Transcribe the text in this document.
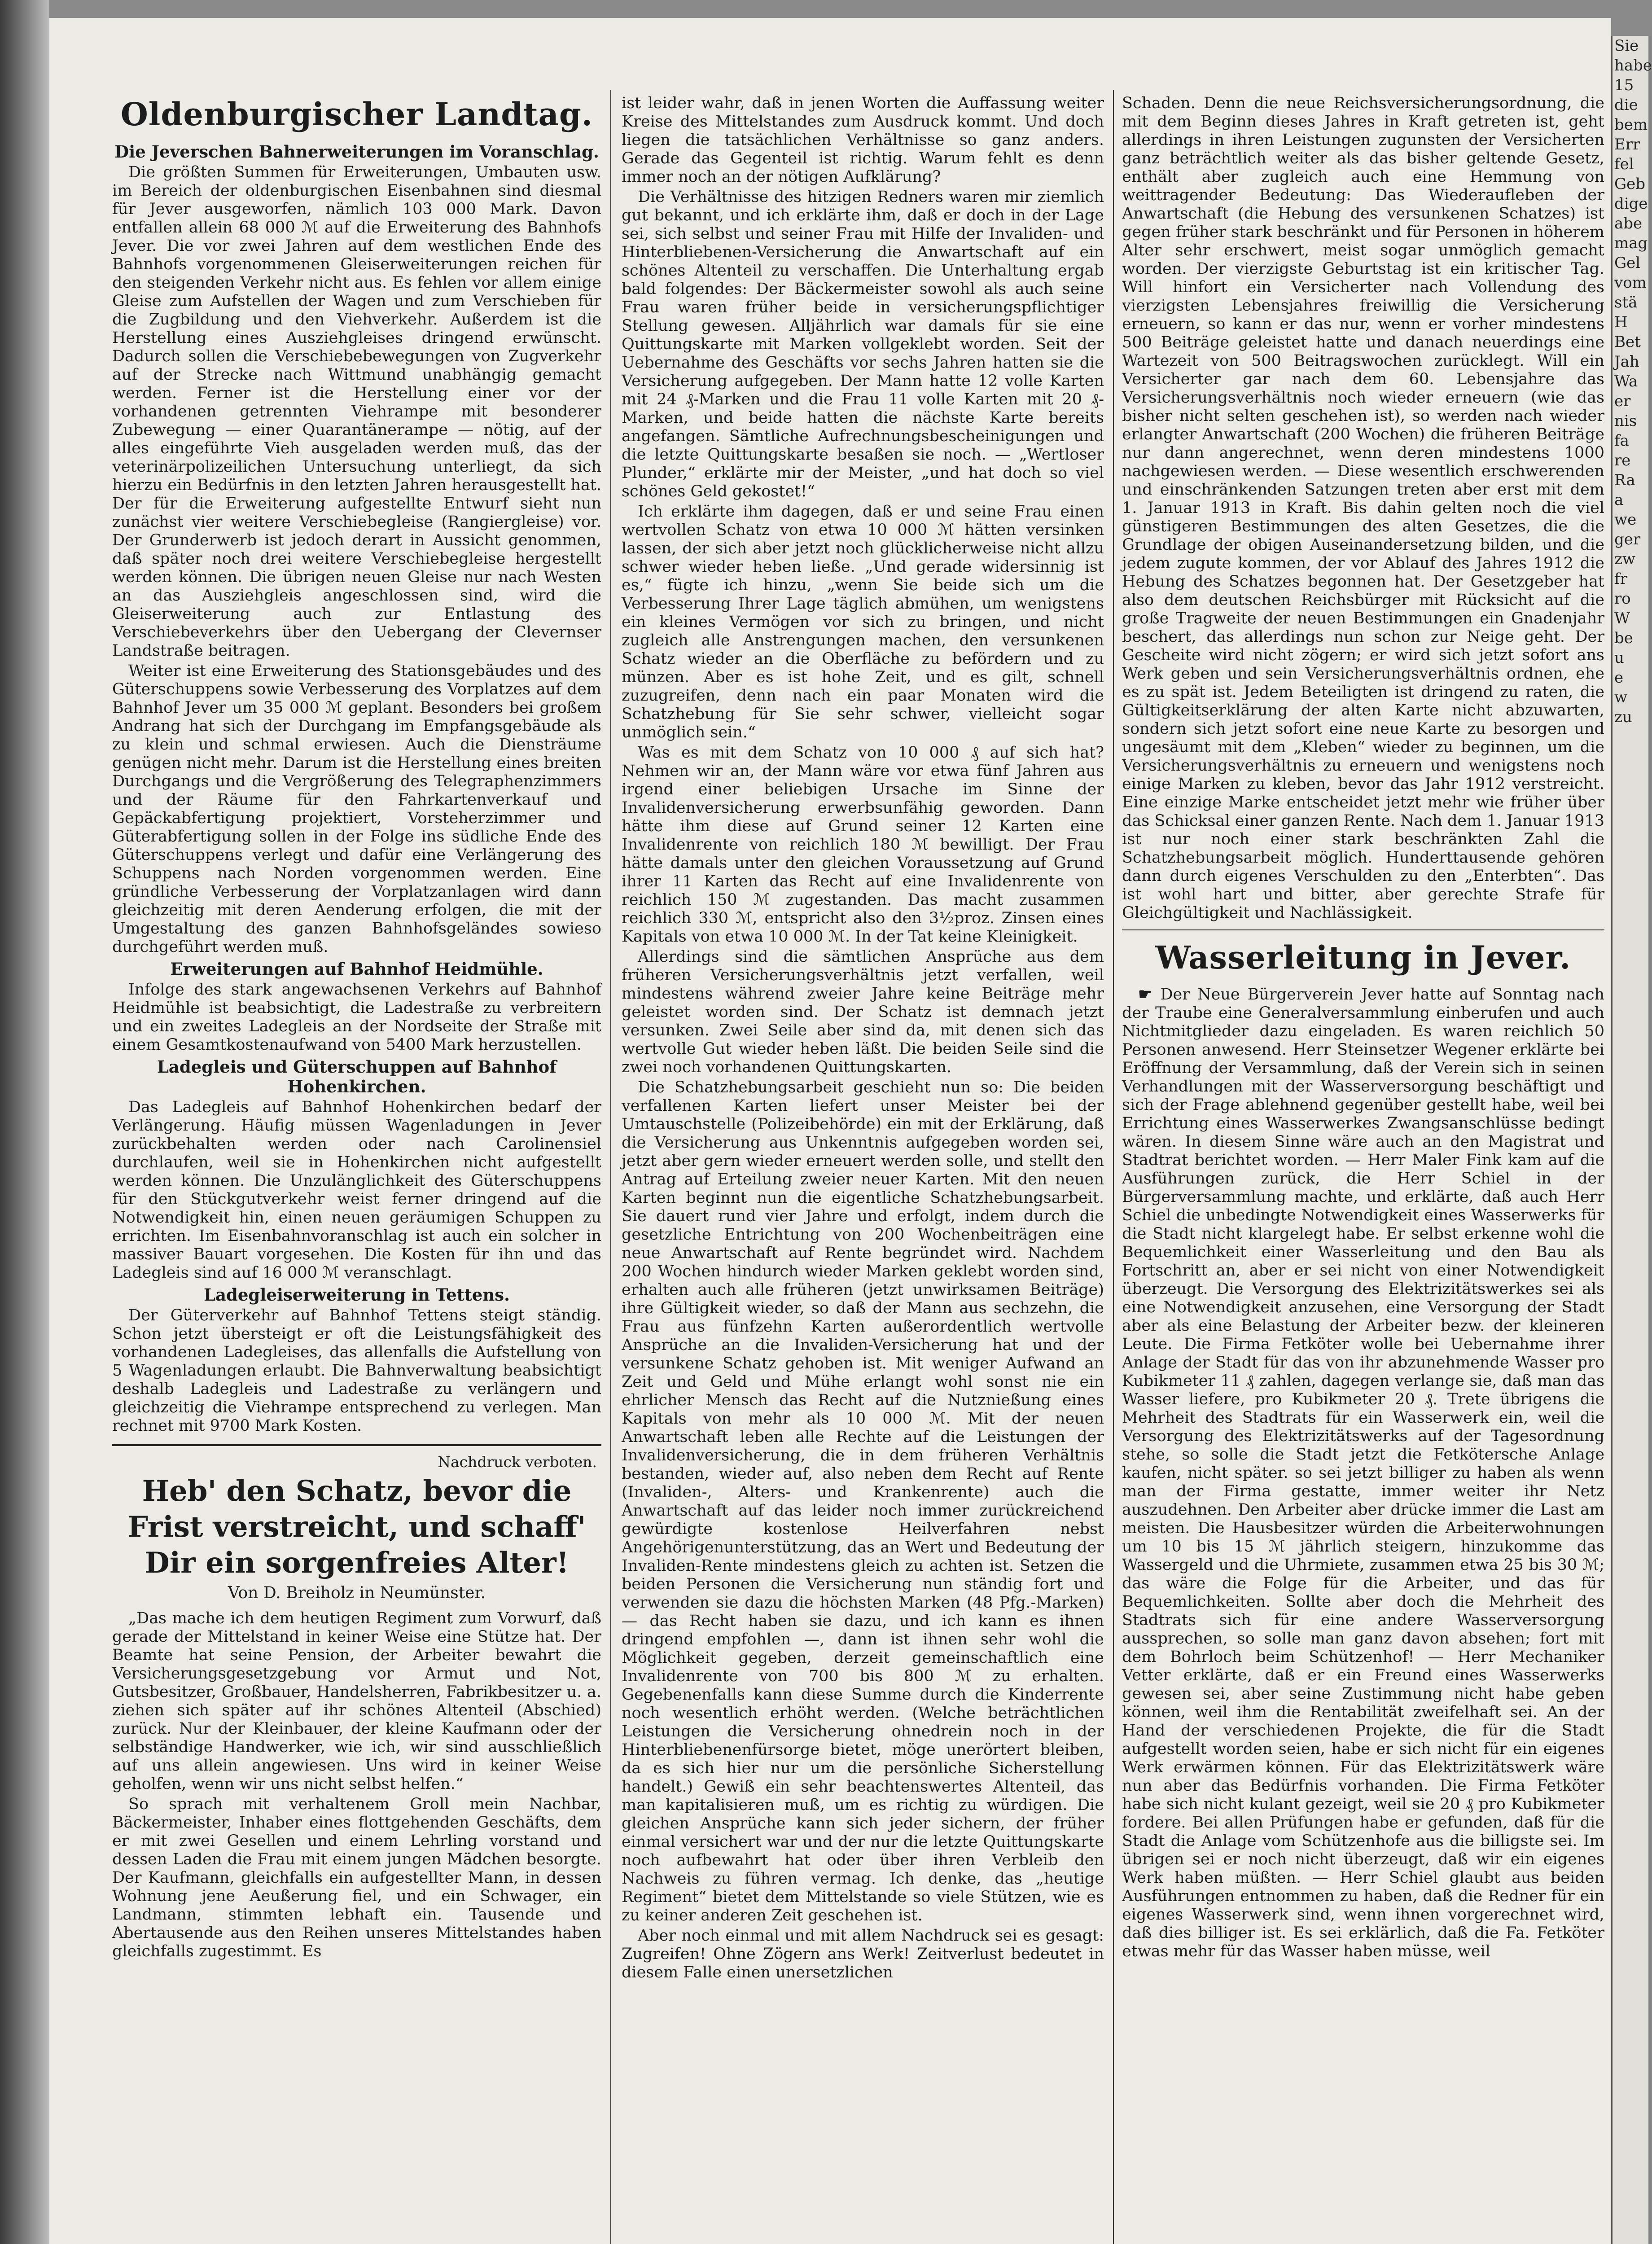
Oldenburgischer Landtag.
Die Jeverschen Bahnerweiterungen im Voranschlag.

Die größten Summen für Erweiterungen, Umbauten usw. im Bereich der oldenburgischen Eisenbahnen sind diesmal für Jever ausgeworfen, nämlich 103 000 Mark. Davon entfallen allein 68 000 ℳ auf die Erweiterung des Bahnhofs Jever. Die vor zwei Jahren auf dem westlichen Ende des Bahnhofs vorgenommenen Gleiserweiterungen reichen für den steigenden Verkehr nicht aus. Es fehlen vor allem einige Gleise zum Aufstellen der Wagen und zum Verschieben für die Zugbildung und den Viehverkehr. Außerdem ist die Herstellung eines Ausziehgleises dringend erwünscht. Dadurch sollen die Verschiebebewegungen von Zugverkehr auf der Strecke nach Wittmund unabhängig gemacht werden. Ferner ist die Herstellung einer vor der vorhandenen getrennten Viehrampe mit besonderer Zubewegung — einer Quarantänerampe — nötig, auf der alles eingeführte Vieh ausgeladen werden muß, das der veterinärpolizeilichen Untersuchung unterliegt, da sich hierzu ein Bedürfnis in den letzten Jahren herausgestellt hat. Der für die Erweiterung aufgestellte Entwurf sieht nun zunächst vier weitere Verschiebegleise (Rangiergleise) vor. Der Grunderwerb ist jedoch derart in Aussicht genommen, daß später noch drei weitere Verschiebegleise hergestellt werden können. Die übrigen neuen Gleise nur nach Westen an das Ausziehgleis angeschlossen sind, wird die Gleiserweiterung auch zur Entlastung des Verschiebeverkehrs über den Uebergang der Clevernser Landstraße beitragen.

Weiter ist eine Erweiterung des Stationsgebäudes und des Güterschuppens sowie Verbesserung des Vorplatzes auf dem Bahnhof Jever um 35 000 ℳ geplant. Besonders bei großem Andrang hat sich der Durchgang im Empfangsgebäude als zu klein und schmal erwiesen. Auch die Diensträume genügen nicht mehr. Darum ist die Herstellung eines breiten Durchgangs und die Vergrößerung des Telegraphenzimmers und der Räume für den Fahrkartenverkauf und Gepäckabfertigung projektiert, Vorsteherzimmer und Güterabfertigung sollen in der Folge ins südliche Ende des Güterschuppens verlegt und dafür eine Verlängerung des Schuppens nach Norden vorgenommen werden. Eine gründliche Verbesserung der Vorplatzanlagen wird dann gleichzeitig mit deren Aenderung erfolgen, die mit der Umgestaltung des ganzen Bahnhofsgeländes sowieso durchgeführt werden muß.

Erweiterungen auf Bahnhof Heidmühle.

Infolge des stark angewachsenen Verkehrs auf Bahnhof Heidmühle ist beabsichtigt, die Ladestraße zu verbreitern und ein zweites Ladegleis an der Nordseite der Straße mit einem Gesamtkostenaufwand von 5400 Mark herzustellen.

Ladegleis und Güterschuppen auf Bahnhof Hohenkirchen.

Das Ladegleis auf Bahnhof Hohenkirchen bedarf der Verlängerung. Häufig müssen Wagenladungen in Jever zurückbehalten werden oder nach Carolinensiel durchlaufen, weil sie in Hohenkirchen nicht aufgestellt werden können. Die Unzulänglichkeit des Güterschuppens für den Stückgutverkehr weist ferner dringend auf die Notwendigkeit hin, einen neuen geräumigen Schuppen zu errichten. Im Eisenbahnvoranschlag ist auch ein solcher in massiver Bauart vorgesehen. Die Kosten für ihn und das Ladegleis sind auf 16 000 ℳ veranschlagt.

Ladegleiserweiterung in Tettens.

Der Güterverkehr auf Bahnhof Tettens steigt ständig. Schon jetzt übersteigt er oft die Leistungsfähigkeit des vorhandenen Ladegleises, das allenfalls die Aufstellung von 5 Wagenladungen erlaubt. Die Bahnverwaltung beabsichtigt deshalb Ladegleis und Ladestraße zu verlängern und gleichzeitig die Viehrampe entsprechend zu verlegen. Man rechnet mit 9700 Mark Kosten.

Nachdruck verboten.
Heb' den Schatz, bevor die Frist verstreicht, und schaff' Dir ein sorgenfreies Alter!
Von D. Breiholz in Neumünster.

„Das mache ich dem heutigen Regiment zum Vorwurf, daß gerade der Mittelstand in keiner Weise eine Stütze hat. Der Beamte hat seine Pension, der Arbeiter bewahrt die Versicherungsgesetzgebung vor Armut und Not, Gutsbesitzer, Großbauer, Handelsherren, Fabrikbesitzer u. a. ziehen sich später auf ihr schönes Altenteil (Abschied) zurück. Nur der Kleinbauer, der kleine Kaufmann oder der selbständige Handwerker, wie ich, wir sind ausschließlich auf uns allein angewiesen. Uns wird in keiner Weise geholfen, wenn wir uns nicht selbst helfen.“

So sprach mit verhaltenem Groll mein Nachbar, Bäckermeister, Inhaber eines flottgehenden Geschäfts, dem er mit zwei Gesellen und einem Lehrling vorstand und dessen Laden die Frau mit einem jungen Mädchen besorgte. Der Kaufmann, gleichfalls ein aufgestellter Mann, in dessen Wohnung jene Aeußerung fiel, und ein Schwager, ein Landmann, stimmten lebhaft ein. Tausende und Abertausende aus den Reihen unseres Mittelstandes haben gleichfalls zugestimmt. Es

ist leider wahr, daß in jenen Worten die Auffassung weiter Kreise des Mittelstandes zum Ausdruck kommt. Und doch liegen die tatsächlichen Verhältnisse so ganz anders. Gerade das Gegenteil ist richtig. Warum fehlt es denn immer noch an der nötigen Aufklärung?

Die Verhältnisse des hitzigen Redners waren mir ziemlich gut bekannt, und ich erklärte ihm, daß er doch in der Lage sei, sich selbst und seiner Frau mit Hilfe der Invaliden- und Hinterbliebenen-Versicherung die Anwartschaft auf ein schönes Altenteil zu verschaffen. Die Unterhaltung ergab bald folgendes: Der Bäckermeister sowohl als auch seine Frau waren früher beide in versicherungspflichtiger Stellung gewesen. Alljährlich war damals für sie eine Quittungskarte mit Marken vollgeklebt worden. Seit der Uebernahme des Geschäfts vor sechs Jahren hatten sie die Versicherung aufgegeben. Der Mann hatte 12 volle Karten mit 24 ₰-Marken und die Frau 11 volle Karten mit 20 ₰-Marken, und beide hatten die nächste Karte bereits angefangen. Sämtliche Aufrechnungsbescheinigungen und die letzte Quittungskarte besaßen sie noch. — „Wertloser Plunder,“ erklärte mir der Meister, „und hat doch so viel schönes Geld gekostet!“

Ich erklärte ihm dagegen, daß er und seine Frau einen wertvollen Schatz von etwa 10 000 ℳ hätten versinken lassen, der sich aber jetzt noch glücklicherweise nicht allzu schwer wieder heben ließe. „Und gerade widersinnig ist es,“ fügte ich hinzu, „wenn Sie beide sich um die Verbesserung Ihrer Lage täglich abmühen, um wenigstens ein kleines Vermögen vor sich zu bringen, und nicht zugleich alle Anstrengungen machen, den versunkenen Schatz wieder an die Oberfläche zu befördern und zu münzen. Aber es ist hohe Zeit, und es gilt, schnell zuzugreifen, denn nach ein paar Monaten wird die Schatzhebung für Sie sehr schwer, vielleicht sogar unmöglich sein.“

Was es mit dem Schatz von 10 000 ₰ auf sich hat? Nehmen wir an, der Mann wäre vor etwa fünf Jahren aus irgend einer beliebigen Ursache im Sinne der Invalidenversicherung erwerbsunfähig geworden. Dann hätte ihm diese auf Grund seiner 12 Karten eine Invalidenrente von reichlich 180 ℳ bewilligt. Der Frau hätte damals unter den gleichen Voraussetzung auf Grund ihrer 11 Karten das Recht auf eine Invalidenrente von reichlich 150 ℳ zugestanden. Das macht zusammen reichlich 330 ℳ, entspricht also den 3½proz. Zinsen eines Kapitals von etwa 10 000 ℳ. In der Tat keine Kleinigkeit.

Allerdings sind die sämtlichen Ansprüche aus dem früheren Versicherungsverhältnis jetzt verfallen, weil mindestens während zweier Jahre keine Beiträge mehr geleistet worden sind. Der Schatz ist demnach jetzt versunken. Zwei Seile aber sind da, mit denen sich das wertvolle Gut wieder heben läßt. Die beiden Seile sind die zwei noch vorhandenen Quittungskarten.

Die Schatzhebungsarbeit geschieht nun so: Die beiden verfallenen Karten liefert unser Meister bei der Umtauschstelle (Polizeibehörde) ein mit der Erklärung, daß die Versicherung aus Unkenntnis aufgegeben worden sei, jetzt aber gern wieder erneuert werden solle, und stellt den Antrag auf Erteilung zweier neuer Karten. Mit den neuen Karten beginnt nun die eigentliche Schatzhebungsarbeit. Sie dauert rund vier Jahre und erfolgt, indem durch die gesetzliche Entrichtung von 200 Wochenbeiträgen eine neue Anwartschaft auf Rente begründet wird. Nachdem 200 Wochen hindurch wieder Marken geklebt worden sind, erhalten auch alle früheren (jetzt unwirksamen Beiträge) ihre Gültigkeit wieder, so daß der Mann aus sechzehn, die Frau aus fünfzehn Karten außerordentlich wertvolle Ansprüche an die Invaliden-Versicherung hat und der versunkene Schatz gehoben ist. Mit weniger Aufwand an Zeit und Geld und Mühe erlangt wohl sonst nie ein ehrlicher Mensch das Recht auf die Nutznießung eines Kapitals von mehr als 10 000 ℳ. Mit der neuen Anwartschaft leben alle Rechte auf die Leistungen der Invalidenversicherung, die in dem früheren Verhältnis bestanden, wieder auf, also neben dem Recht auf Rente (Invaliden-, Alters- und Krankenrente) auch die Anwartschaft auf das leider noch immer zurückreichend gewürdigte kostenlose Heilverfahren nebst Angehörigenunterstützung, das an Wert und Bedeutung der Invaliden-Rente mindestens gleich zu achten ist. Setzen die beiden Personen die Versicherung nun ständig fort und verwenden sie dazu die höchsten Marken (48 Pfg.-Marken) — das Recht haben sie dazu, und ich kann es ihnen dringend empfohlen —, dann ist ihnen sehr wohl die Möglichkeit gegeben, derzeit gemeinschaftlich eine Invalidenrente von 700 bis 800 ℳ zu erhalten. Gegebenenfalls kann diese Summe durch die Kinderrente noch wesentlich erhöht werden. (Welche beträchtlichen Leistungen die Versicherung ohnedrein noch in der Hinterbliebenenfürsorge bietet, möge unerörtert bleiben, da es sich hier nur um die persönliche Sicherstellung handelt.) Gewiß ein sehr beachtenswertes Altenteil, das man kapitalisieren muß, um es richtig zu würdigen. Die gleichen Ansprüche kann sich jeder sichern, der früher einmal versichert war und der nur die letzte Quittungskarte noch aufbewahrt hat oder über ihren Verbleib den Nachweis zu führen vermag. Ich denke, das „heutige Regiment“ bietet dem Mittelstande so viele Stützen, wie es zu keiner anderen Zeit geschehen ist.

Aber noch einmal und mit allem Nachdruck sei es gesagt: Zugreifen! Ohne Zögern ans Werk! Zeitverlust bedeutet in diesem Falle einen unersetzlichen

Schaden. Denn die neue Reichsversicherungsordnung, die mit dem Beginn dieses Jahres in Kraft getreten ist, geht allerdings in ihren Leistungen zugunsten der Versicherten ganz beträchtlich weiter als das bisher geltende Gesetz, enthält aber zugleich auch eine Hemmung von weittragender Bedeutung: Das Wiederaufleben der Anwartschaft (die Hebung des versunkenen Schatzes) ist gegen früher stark beschränkt und für Personen in höherem Alter sehr erschwert, meist sogar unmöglich gemacht worden. Der vierzigste Geburtstag ist ein kritischer Tag. Will hinfort ein Versicherter nach Vollendung des vierzigsten Lebensjahres freiwillig die Versicherung erneuern, so kann er das nur, wenn er vorher mindestens 500 Beiträge geleistet hatte und danach neuerdings eine Wartezeit von 500 Beitragswochen zurücklegt. Will ein Versicherter gar nach dem 60. Lebensjahre das Versicherungsverhältnis noch wieder erneuern (wie das bisher nicht selten geschehen ist), so werden nach wieder erlangter Anwartschaft (200 Wochen) die früheren Beiträge nur dann angerechnet, wenn deren mindestens 1000 nachgewiesen werden. — Diese wesentlich erschwerenden und einschränkenden Satzungen treten aber erst mit dem 1. Januar 1913 in Kraft. Bis dahin gelten noch die viel günstigeren Bestimmungen des alten Gesetzes, die die Grundlage der obigen Auseinandersetzung bilden, und die jedem zugute kommen, der vor Ablauf des Jahres 1912 die Hebung des Schatzes begonnen hat. Der Gesetzgeber hat also dem deutschen Reichsbürger mit Rücksicht auf die große Tragweite der neuen Bestimmungen ein Gnadenjahr beschert, das allerdings nun schon zur Neige geht. Der Gescheite wird nicht zögern; er wird sich jetzt sofort ans Werk geben und sein Versicherungsverhältnis ordnen, ehe es zu spät ist. Jedem Beteiligten ist dringend zu raten, die Gültigkeitserklärung der alten Karte nicht abzuwarten, sondern sich jetzt sofort eine neue Karte zu besorgen und ungesäumt mit dem „Kleben“ wieder zu beginnen, um die Versicherungsverhältnis zu erneuern und wenigstens noch einige Marken zu kleben, bevor das Jahr 1912 verstreicht. Eine einzige Marke entscheidet jetzt mehr wie früher über das Schicksal einer ganzen Rente. Nach dem 1. Januar 1913 ist nur noch einer stark beschränkten Zahl die Schatzhebungsarbeit möglich. Hunderttausende gehören dann durch eigenes Verschulden zu den „Enterbten“. Das ist wohl hart und bitter, aber gerechte Strafe für Gleichgültigkeit und Nachlässigkeit.

Wasserleitung in Jever.

☛ Der Neue Bürgerverein Jever hatte auf Sonntag nach der Traube eine Generalversammlung einberufen und auch Nichtmitglieder dazu eingeladen. Es waren reichlich 50 Personen anwesend. Herr Steinsetzer Wegener erklärte bei Eröffnung der Versammlung, daß der Verein sich in seinen Verhandlungen mit der Wasserversorgung beschäftigt und sich der Frage ablehnend gegenüber gestellt habe, weil bei Errichtung eines Wasserwerkes Zwangsanschlüsse bedingt wären. In diesem Sinne wäre auch an den Magistrat und Stadtrat berichtet worden. — Herr Maler Fink kam auf die Ausführungen zurück, die Herr Schiel in der Bürgerversammlung machte, und erklärte, daß auch Herr Schiel die unbedingte Notwendigkeit eines Wasserwerks für die Stadt nicht klargelegt habe. Er selbst erkenne wohl die Bequemlichkeit einer Wasserleitung und den Bau als Fortschritt an, aber er sei nicht von einer Notwendigkeit überzeugt. Die Versorgung des Elektrizitätswerkes sei als eine Notwendigkeit anzusehen, eine Versorgung der Stadt aber als eine Belastung der Arbeiter bezw. der kleineren Leute. Die Firma Fetköter wolle bei Uebernahme ihrer Anlage der Stadt für das von ihr abzunehmende Wasser pro Kubikmeter 11 ₰ zahlen, dagegen verlange sie, daß man das Wasser liefere, pro Kubikmeter 20 ₰. Trete übrigens die Mehrheit des Stadtrats für ein Wasserwerk ein, weil die Versorgung des Elektrizitätswerks auf der Tagesordnung stehe, so solle die Stadt jetzt die Fetkötersche Anlage kaufen, nicht später. so sei jetzt billiger zu haben als wenn man der Firma gestatte, immer weiter ihr Netz auszudehnen. Den Arbeiter aber drücke immer die Last am meisten. Die Hausbesitzer würden die Arbeiterwohnungen um 10 bis 15 ℳ jährlich steigern, hinzukomme das Wassergeld und die Uhrmiete, zusammen etwa 25 bis 30 ℳ; das wäre die Folge für die Arbeiter, und das für Bequemlichkeiten. Sollte aber doch die Mehrheit des Stadtrats sich für eine andere Wasserversorgung aussprechen, so solle man ganz davon absehen; fort mit dem Bohrloch beim Schützenhof! — Herr Mechaniker Vetter erklärte, daß er ein Freund eines Wasserwerks gewesen sei, aber seine Zustimmung nicht habe geben können, weil ihm die Rentabilität zweifelhaft sei. An der Hand der verschiedenen Projekte, die für die Stadt aufgestellt worden seien, habe er sich nicht für ein eigenes Werk erwärmen können. Für das Elektrizitätswerk wäre nun aber das Bedürfnis vorhanden. Die Firma Fetköter habe sich nicht kulant gezeigt, weil sie 20 ₰ pro Kubikmeter fordere. Bei allen Prüfungen habe er gefunden, daß für die Stadt die Anlage vom Schützenhofe aus die billigste sei. Im übrigen sei er noch nicht überzeugt, daß wir ein eigenes Werk haben müßten. — Herr Schiel glaubt aus beiden Ausführungen entnommen zu haben, daß die Redner für ein eigenes Wasserwerk sind, wenn ihnen vorgerechnet wird, daß dies billiger ist. Es sei erklärlich, daß die Fa. Fetköter etwas mehr für das Wasser haben müsse, weil

Sie
habe
15
die
bem
Err
fel
Geb
dige
abe
mag
Gel
vom
stä
H
Bet
Jah
Wa
er
nis
fa
re
Ra
a
we
ger
zw
fr
ro
W
be
u
e
w
zu
